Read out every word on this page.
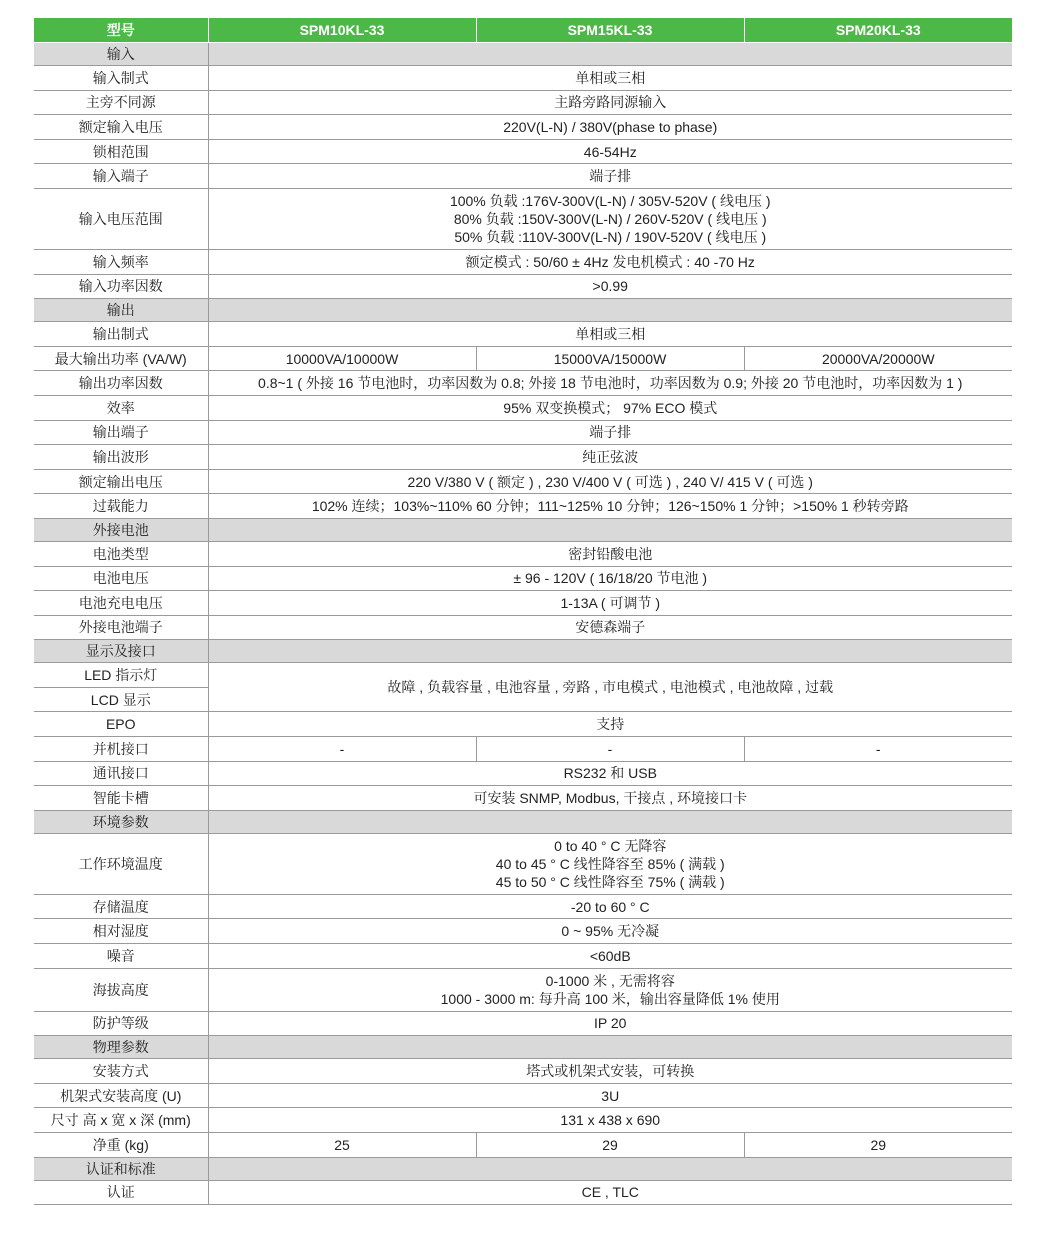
型号	SPM10KL-33	SPM15KL-33	SPM20KL-33
输入			
输入制式	单相或三相		
主旁不同源	主路旁路同源输入		
额定输入电压	220V(L-N) / 380V(phase to phase)		
锁相范围	46-54Hz		
输入端子	端子排		
输入电压范围	100% 负载 :176V-300V(L-N) / 305V-520V ( 线电压 )
80% 负载 :150V-300V(L-N) / 260V-520V ( 线电压 )
50% 负载 :110V-300V(L-N) / 190V-520V ( 线电压 )		

输入频率	额定模式 : 50/60 ± 4Hz 发电机模式 : 40 -70 Hz		
输入功率因数	>0.99		
输出			
输出制式	单相或三相		
最大输出功率 (VA/W)	10000VA/10000W	15000VA/15000W	20000VA/20000W
输出功率因数	0.8~1 ( 外接 16 节电池时，功率因数为 0.8; 外接 18 节电池时，功率因数为 0.9; 外接 20 节电池时，功率因数为 1 )		
效率	95% 双变换模式； 97% ECO 模式		
输出端子	端子排		
输出波形	纯正弦波		
额定输出电压	220 V/380 V ( 额定 ) , 230 V/400 V ( 可选 ) , 240 V/ 415 V ( 可选 )		
过载能力	102% 连续；103%~110% 60 分钟；111~125% 10 分钟；126~150% 1 分钟；>150% 1 秒转旁路		
外接电池			
电池类型	密封铅酸电池		
电池电压	± 96 - 120V ( 16/18/20 节电池 )		
电池充电电压	1-13A ( 可调节 )		
外接电池端子	安德森端子		
显示及接口			
LED 指示灯	故障 , 负载容量 , 电池容量 , 旁路 , 市电模式 , 电池模式 , 电池故障 , 过载		
LCD 显示			
EPO	支持		
并机接口	-	-	-
通讯接口	RS232 和 USB		
智能卡槽	可安装 SNMP, Modbus, 干接点 , 环境接口卡		
环境参数			
工作环境温度	0 to 40 ° C 无降容
40 to 45 ° C 线性降容至 85% ( 满载 )
45 to 50 ° C 线性降容至 75% ( 满载 )		

存储温度	-20 to 60 ° C		
相对湿度	0 ~ 95% 无冷凝		
噪音	<60dB		
海拔高度	0-1000 米 , 无需将容
1000 - 3000 m: 每升高 100 米，输出容量降低 1% 使用		

防护等级	IP 20		
物理参数			
安装方式	塔式或机架式安装，可转换		
机架式安装高度 (U)	3U		
尺寸 高 x 宽 x 深 (mm)	131 x 438 x 690		
净重 (kg)	25	29	29
认证和标准			
认证	CE , TLC		
